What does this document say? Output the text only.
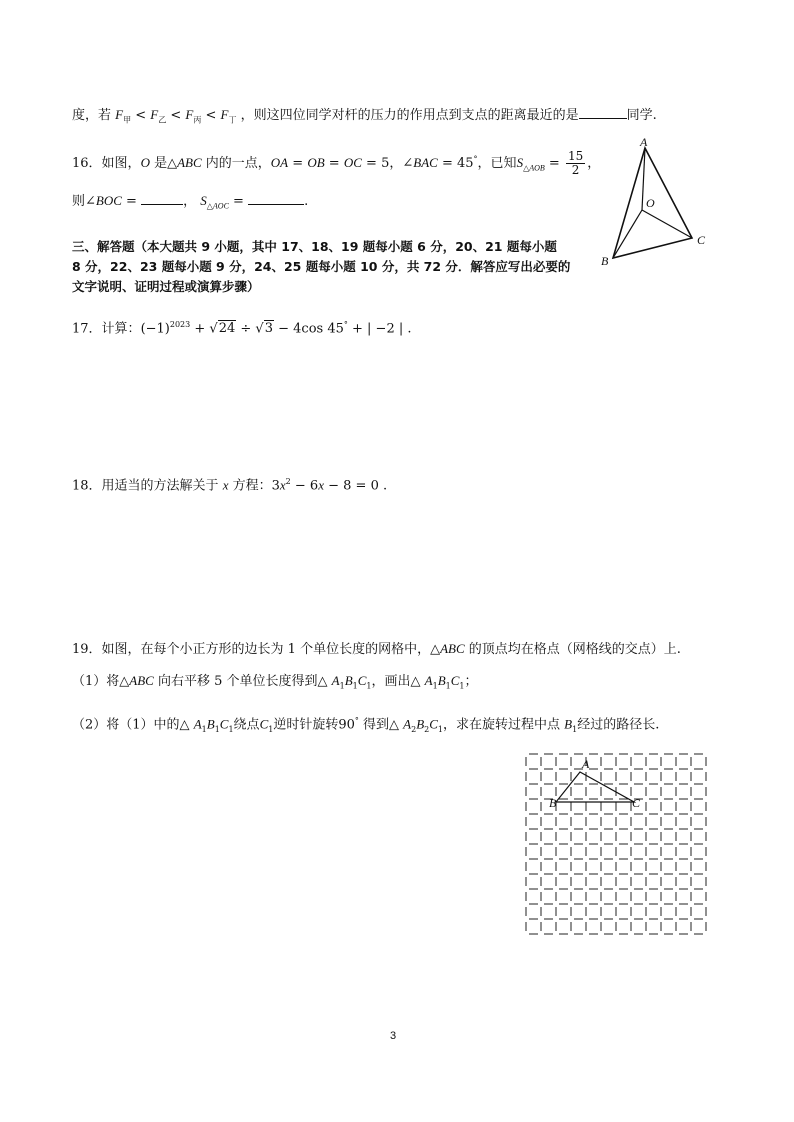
度，若 $F_甲 < F_乙 < F_丙 < F_丁$ ，则这四位同学对杆的压力的作用点到支点的距离最近的是	同学.
16．如图，O 是△ABC 内的一点，OA = OB = OC = 5，∠BAC = 45°，已知$S_{\triangle AOB} = \frac{15}{2}$ ，
则∠BOC =	， $S_{\triangle AOC}$ =	.
A
B
C
O
三、解答题（本大题共 9 小题，其中 17、18、19 题每小题 6 分，20、21 题每小题
8 分，22、23 题每小题 9 分，24、25 题每小题 10 分，共 72 分．解答应写出必要的
文字说明、证明过程或演算步骤）
17．计算：$(-1)^{2023} + √24 \div √3 - 4\cos$ 45° + | −2 | .
18．用适当的方法解关于 x 方程：$3x^2 - 6x - 8 = 0$ .
19．如图，在每个小正方形的边长为 1 个单位长度的网格中，△ABC 的顶点均在格点（网格线的交点）上.
（1）将△ABC 向右平移 5 个单位长度得到△ $A_1B_1C_1$，画出△ $A_1B_1C_1$；
（2）将（1）中的△ $A_1B_1C_1$绕点$C_1$逆时针旋转90° 得到△ $A_2B_2C_1$，求在旋转过程中点 $B_1$经过的路径长.
A
B	C
3
